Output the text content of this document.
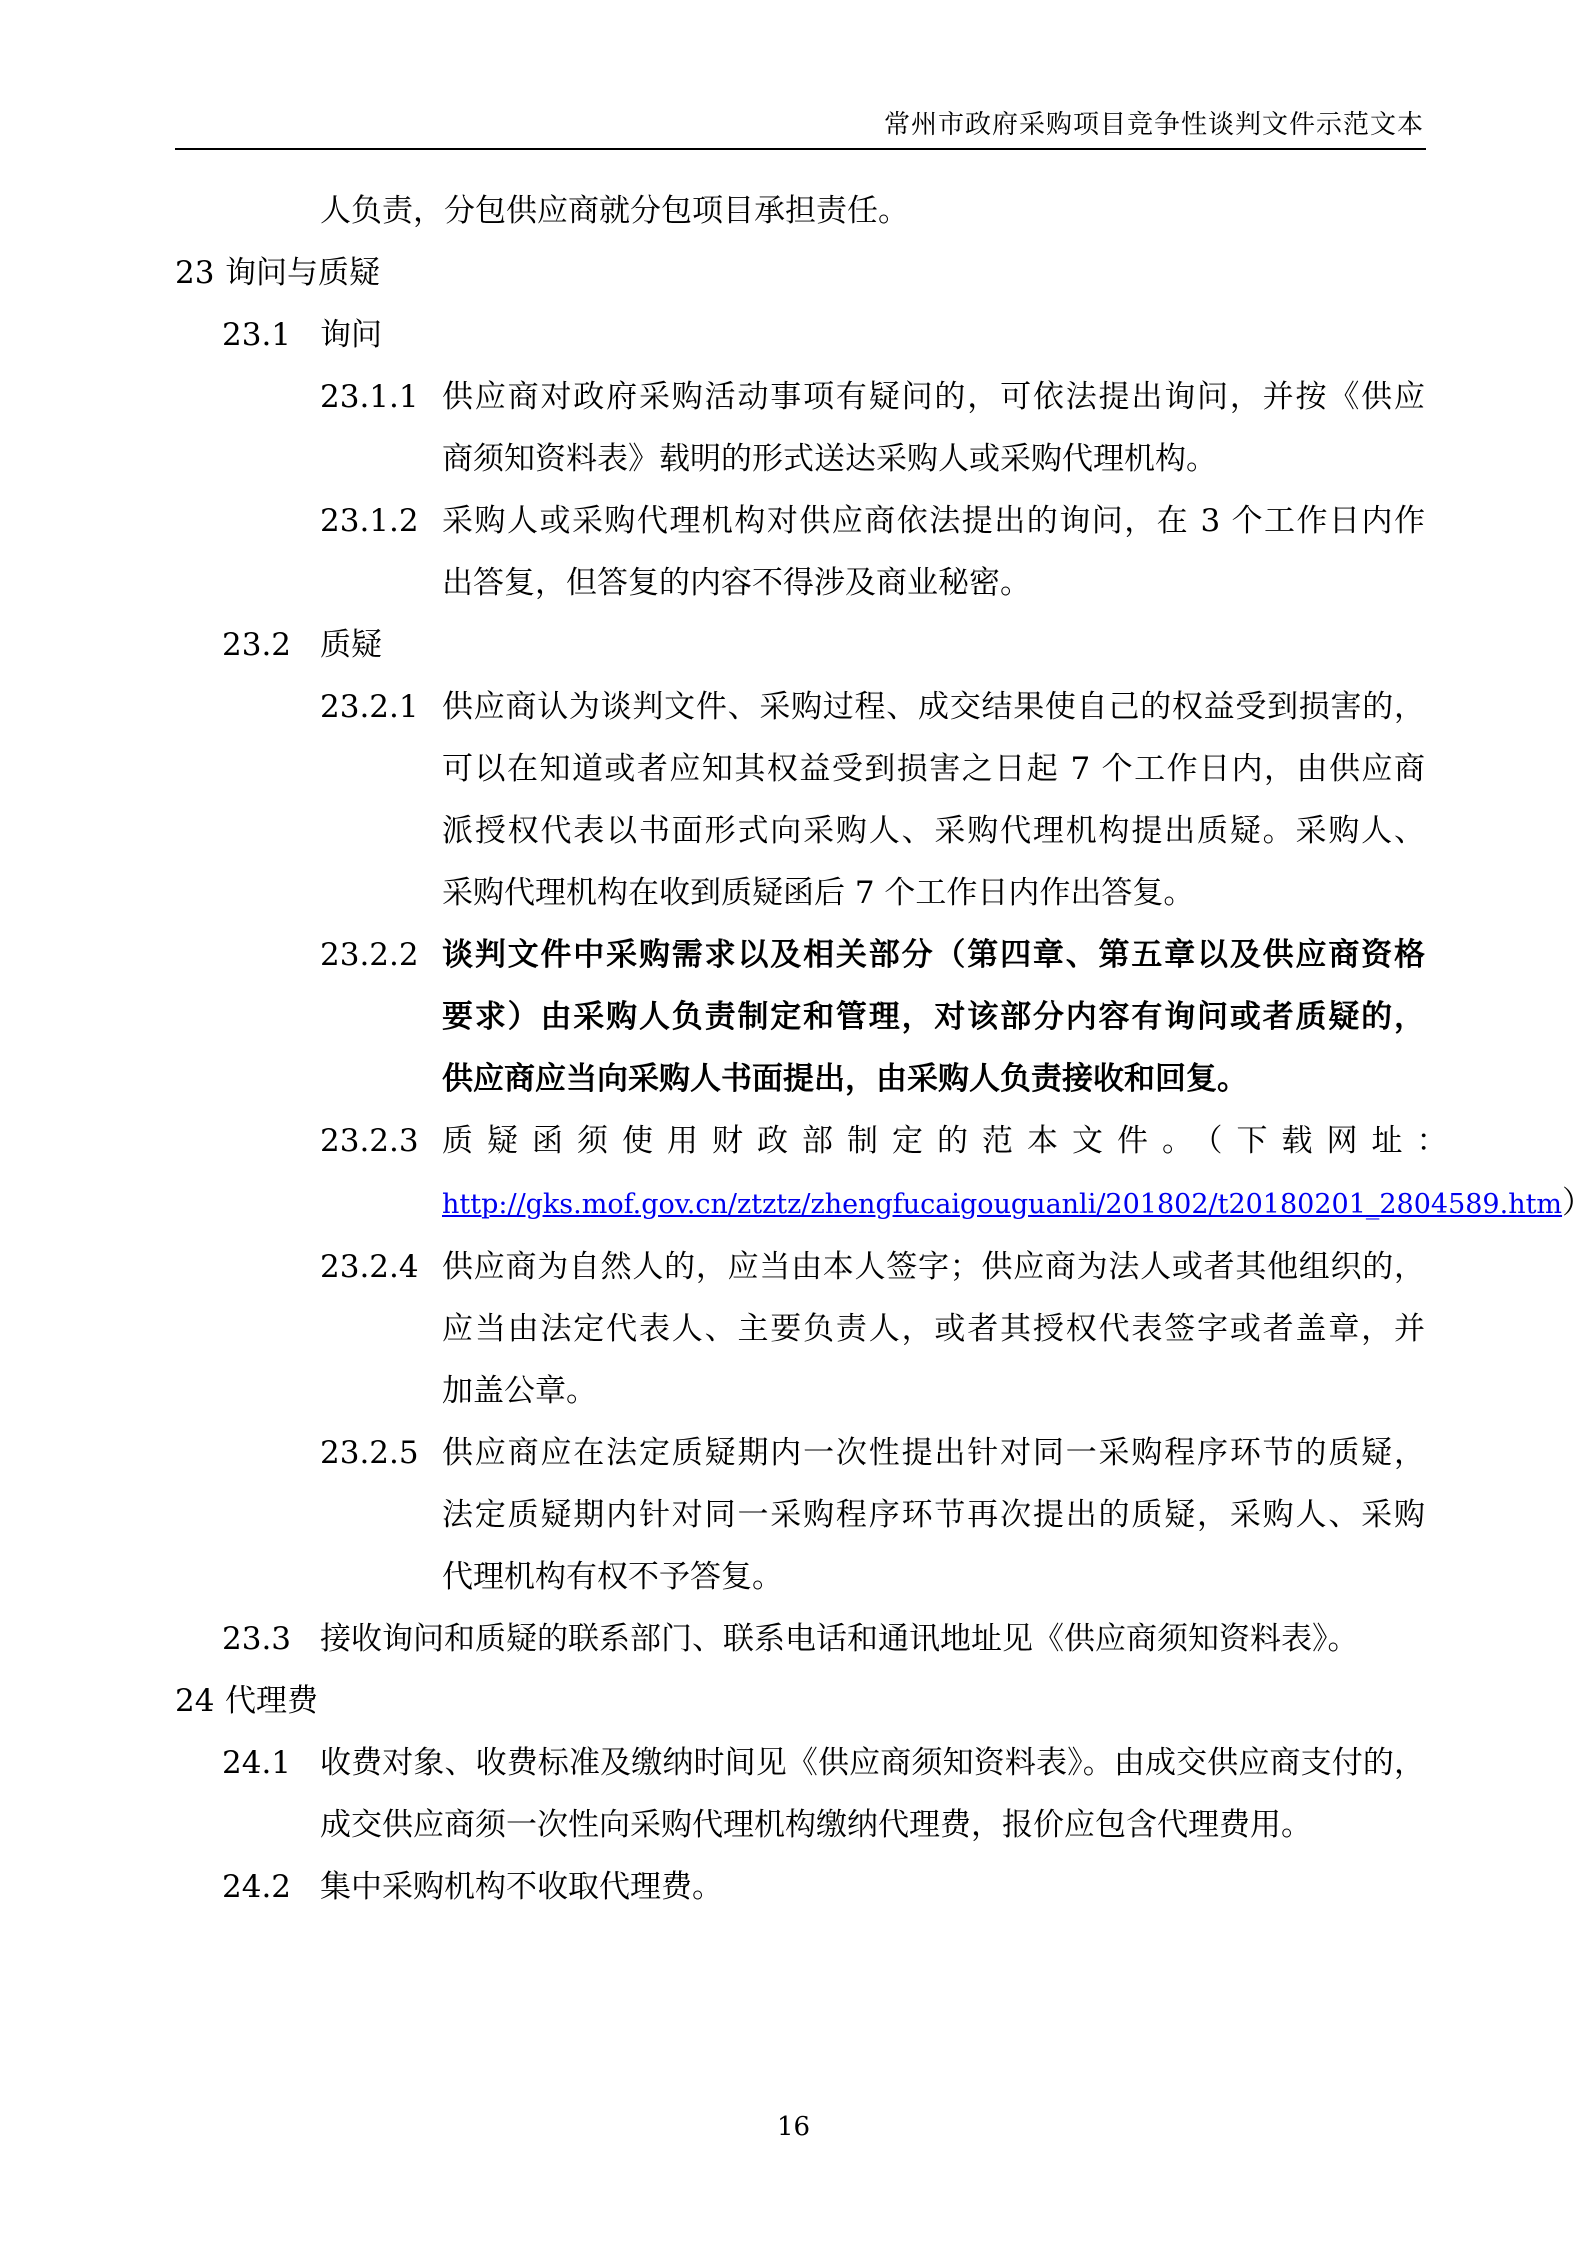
常州市政府采购项目竞争性谈判文件示范文本
人负责，分包供应商就分包项目承担责任。
23 询问与质疑
23.1 询问
23.1.1 供应商对政府采购活动事项有疑问的，可依法提出询问，并按《供应
商须知资料表》载明的形式送达采购人或采购代理机构。
23.1.2 采购人或采购代理机构对供应商依法提出的询问，在 3 个工作日内作
出答复，但答复的内容不得涉及商业秘密。
23.2 质疑
23.2.1 供应商认为谈判文件、采购过程、成交结果使自己的权益受到损害的，
可以在知道或者应知其权益受到损害之日起 7 个工作日内，由供应商
派授权代表以书面形式向采购人、采购代理机构提出质疑。采购人、
采购代理机构在收到质疑函后 7 个工作日内作出答复。
23.2.2 谈判文件中采购需求以及相关部分（第四章、第五章以及供应商资格
要求）由采购人负责制定和管理，对该部分内容有询问或者质疑的，
供应商应当向采购人书面提出，由采购人负责接收和回复。
23.2.3 质疑函须使用财政部制定的范本文件。（下载网址：
http://gks.mof.gov.cn/ztztz/zhengfucaigouguanli/201802/t20180201_2804589.htm）
23.2.4 供应商为自然人的，应当由本人签字；供应商为法人或者其他组织的，
应当由法定代表人、主要负责人，或者其授权代表签字或者盖章，并
加盖公章。
23.2.5 供应商应在法定质疑期内一次性提出针对同一采购程序环节的质疑，
法定质疑期内针对同一采购程序环节再次提出的质疑，采购人、采购
代理机构有权不予答复。
23.3 接收询问和质疑的联系部门、联系电话和通讯地址见《供应商须知资料表》。
24 代理费
24.1 收费对象、收费标准及缴纳时间见《供应商须知资料表》。由成交供应商支付的，
成交供应商须一次性向采购代理机构缴纳代理费，报价应包含代理费用。
24.2 集中采购机构不收取代理费。
16
